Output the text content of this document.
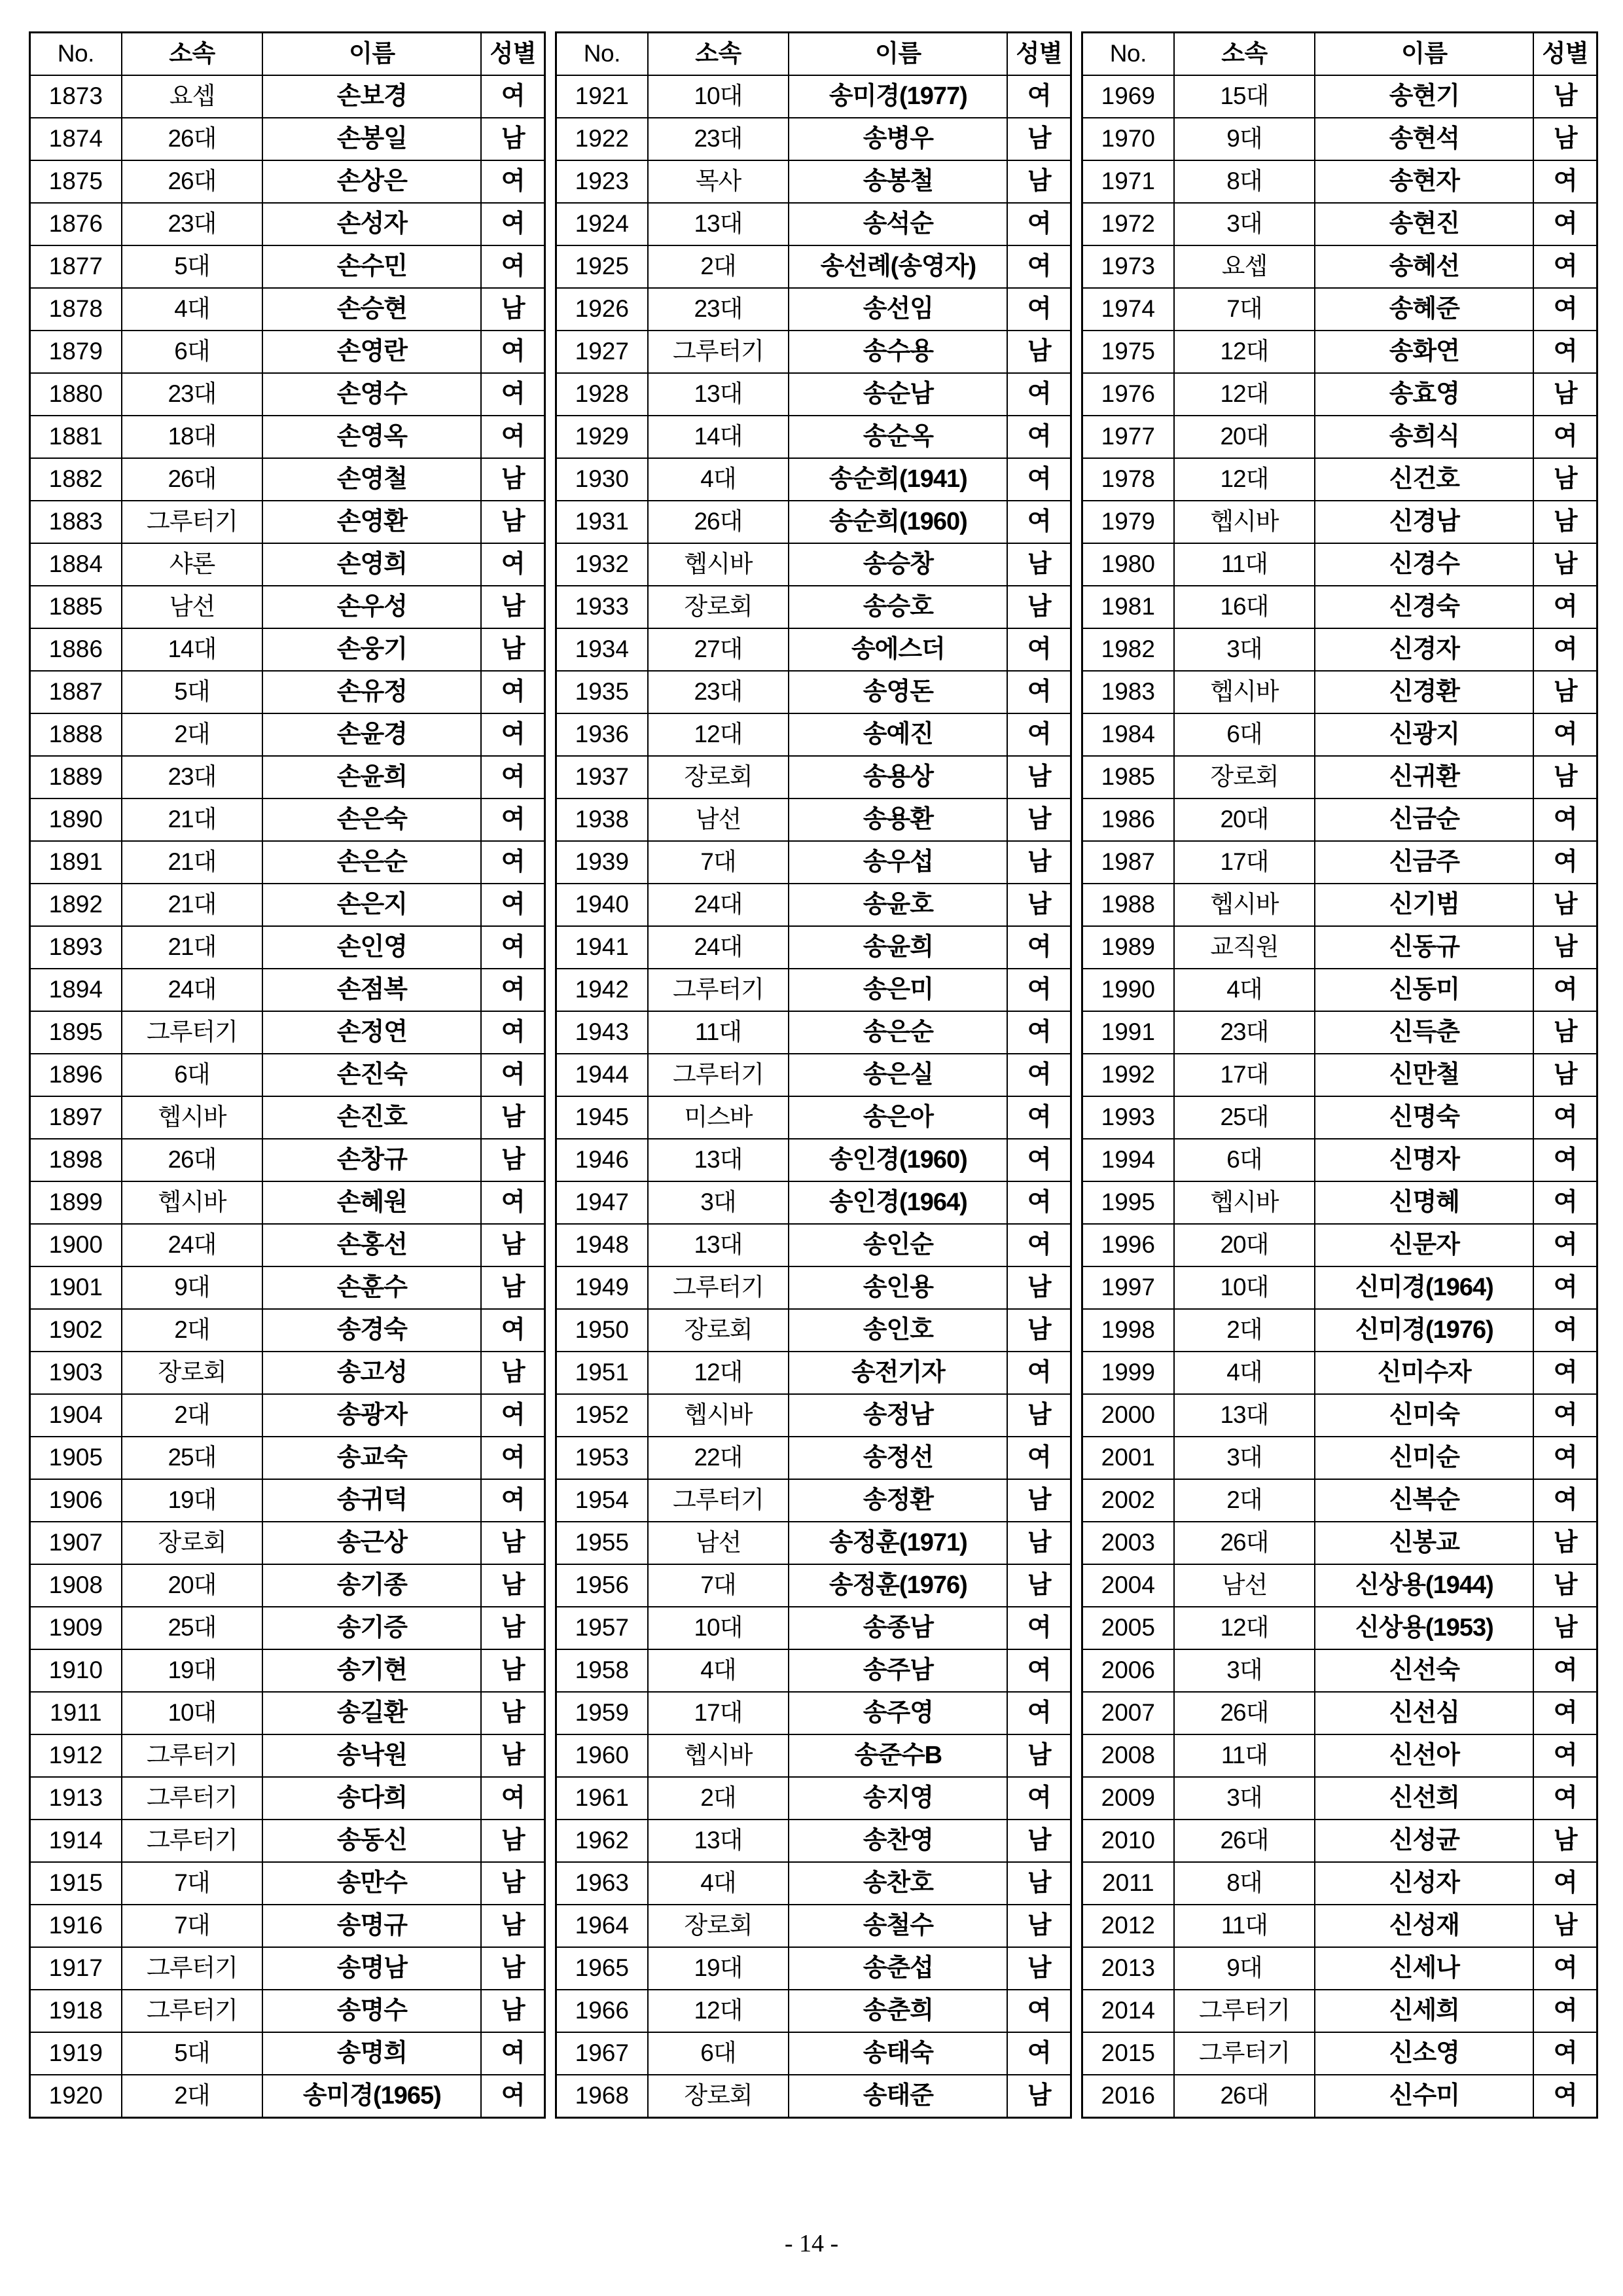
No.	소속	이름	성별
1873	요셉	손보경	여
1874	26대	손봉일	남
1875	26대	손상은	여
1876	23대	손성자	여
1877	5대	손수민	여
1878	4대	손승현	남
1879	6대	손영란	여
1880	23대	손영수	여
1881	18대	손영옥	여
1882	26대	손영철	남
1883	그루터기	손영환	남
1884	샤론	손영희	여
1885	남선	손우성	남
1886	14대	손웅기	남
1887	5대	손유정	여
1888	2대	손윤경	여
1889	23대	손윤희	여
1890	21대	손은숙	여
1891	21대	손은순	여
1892	21대	손은지	여
1893	21대	손인영	여
1894	24대	손점복	여
1895	그루터기	손정연	여
1896	6대	손진숙	여
1897	헵시바	손진호	남
1898	26대	손창규	남
1899	헵시바	손혜원	여
1900	24대	손홍선	남
1901	9대	손훈수	남
1902	2대	송경숙	여
1903	장로회	송고성	남
1904	2대	송광자	여
1905	25대	송교숙	여
1906	19대	송귀덕	여
1907	장로회	송근상	남
1908	20대	송기종	남
1909	25대	송기증	남
1910	19대	송기현	남
1911	10대	송길환	남
1912	그루터기	송낙원	남
1913	그루터기	송다희	여
1914	그루터기	송동신	남
1915	7대	송만수	남
1916	7대	송명규	남
1917	그루터기	송명남	남
1918	그루터기	송명수	남
1919	5대	송명희	여
1920	2대	송미경(1965)	여
No.	소속	이름	성별
1921	10대	송미경(1977)	여
1922	23대	송병우	남
1923	목사	송봉철	남
1924	13대	송석순	여
1925	2대	송선례(송영자)	여
1926	23대	송선임	여
1927	그루터기	송수용	남
1928	13대	송순남	여
1929	14대	송순옥	여
1930	4대	송순희(1941)	여
1931	26대	송순희(1960)	여
1932	헵시바	송승창	남
1933	장로회	송승호	남
1934	27대	송에스더	여
1935	23대	송영돈	여
1936	12대	송예진	여
1937	장로회	송용상	남
1938	남선	송용환	남
1939	7대	송우섭	남
1940	24대	송윤호	남
1941	24대	송윤희	여
1942	그루터기	송은미	여
1943	11대	송은순	여
1944	그루터기	송은실	여
1945	미스바	송은아	여
1946	13대	송인경(1960)	여
1947	3대	송인경(1964)	여
1948	13대	송인순	여
1949	그루터기	송인용	남
1950	장로회	송인호	남
1951	12대	송전기자	여
1952	헵시바	송정남	남
1953	22대	송정선	여
1954	그루터기	송정환	남
1955	남선	송정훈(1971)	남
1956	7대	송정훈(1976)	남
1957	10대	송종남	여
1958	4대	송주남	여
1959	17대	송주영	여
1960	헵시바	송준수B	남
1961	2대	송지영	여
1962	13대	송찬영	남
1963	4대	송찬호	남
1964	장로회	송철수	남
1965	19대	송춘섭	남
1966	12대	송춘희	여
1967	6대	송태숙	여
1968	장로회	송태준	남
No.	소속	이름	성별
1969	15대	송현기	남
1970	9대	송현석	남
1971	8대	송현자	여
1972	3대	송현진	여
1973	요셉	송혜선	여
1974	7대	송혜준	여
1975	12대	송화연	여
1976	12대	송효영	남
1977	20대	송희식	여
1978	12대	신건호	남
1979	헵시바	신경남	남
1980	11대	신경수	남
1981	16대	신경숙	여
1982	3대	신경자	여
1983	헵시바	신경환	남
1984	6대	신광지	여
1985	장로회	신귀환	남
1986	20대	신금순	여
1987	17대	신금주	여
1988	헵시바	신기범	남
1989	교직원	신동규	남
1990	4대	신동미	여
1991	23대	신득춘	남
1992	17대	신만철	남
1993	25대	신명숙	여
1994	6대	신명자	여
1995	헵시바	신명혜	여
1996	20대	신문자	여
1997	10대	신미경(1964)	여
1998	2대	신미경(1976)	여
1999	4대	신미수자	여
2000	13대	신미숙	여
2001	3대	신미순	여
2002	2대	신복순	여
2003	26대	신봉교	남
2004	남선	신상용(1944)	남
2005	12대	신상용(1953)	남
2006	3대	신선숙	여
2007	26대	신선심	여
2008	11대	신선아	여
2009	3대	신선희	여
2010	26대	신성균	남
2011	8대	신성자	여
2012	11대	신성재	남
2013	9대	신세나	여
2014	그루터기	신세희	여
2015	그루터기	신소영	여
2016	26대	신수미	여
- 14 -
